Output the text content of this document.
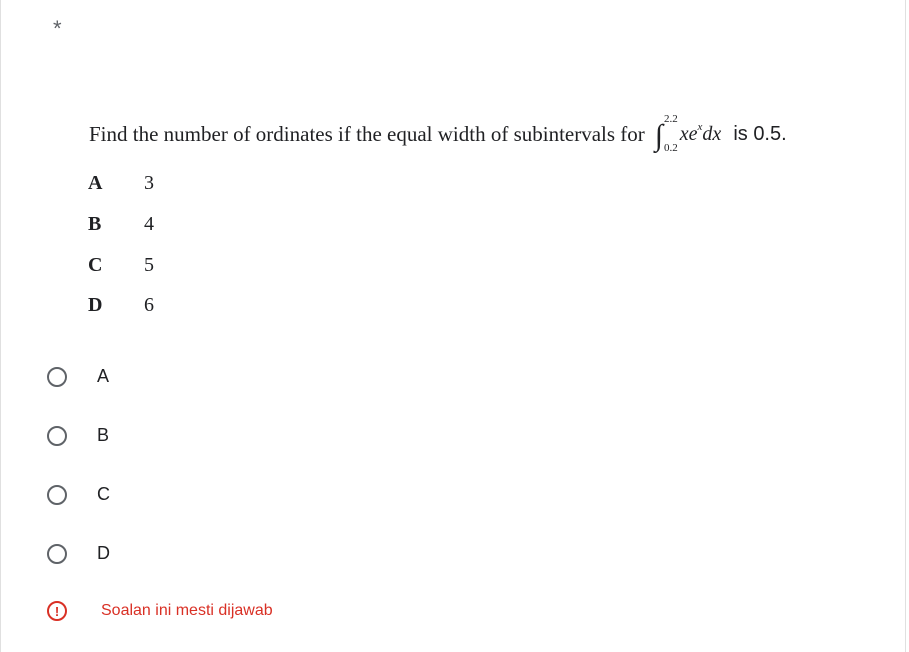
*
Find the number of ordinates if the equal width of subintervals for ∫ 2.2
0.2
$xe^xdx$ is 0.5.
A	3
B	4
C	5
D	6
A
B
C
D
!	Soalan ini mesti dijawab
